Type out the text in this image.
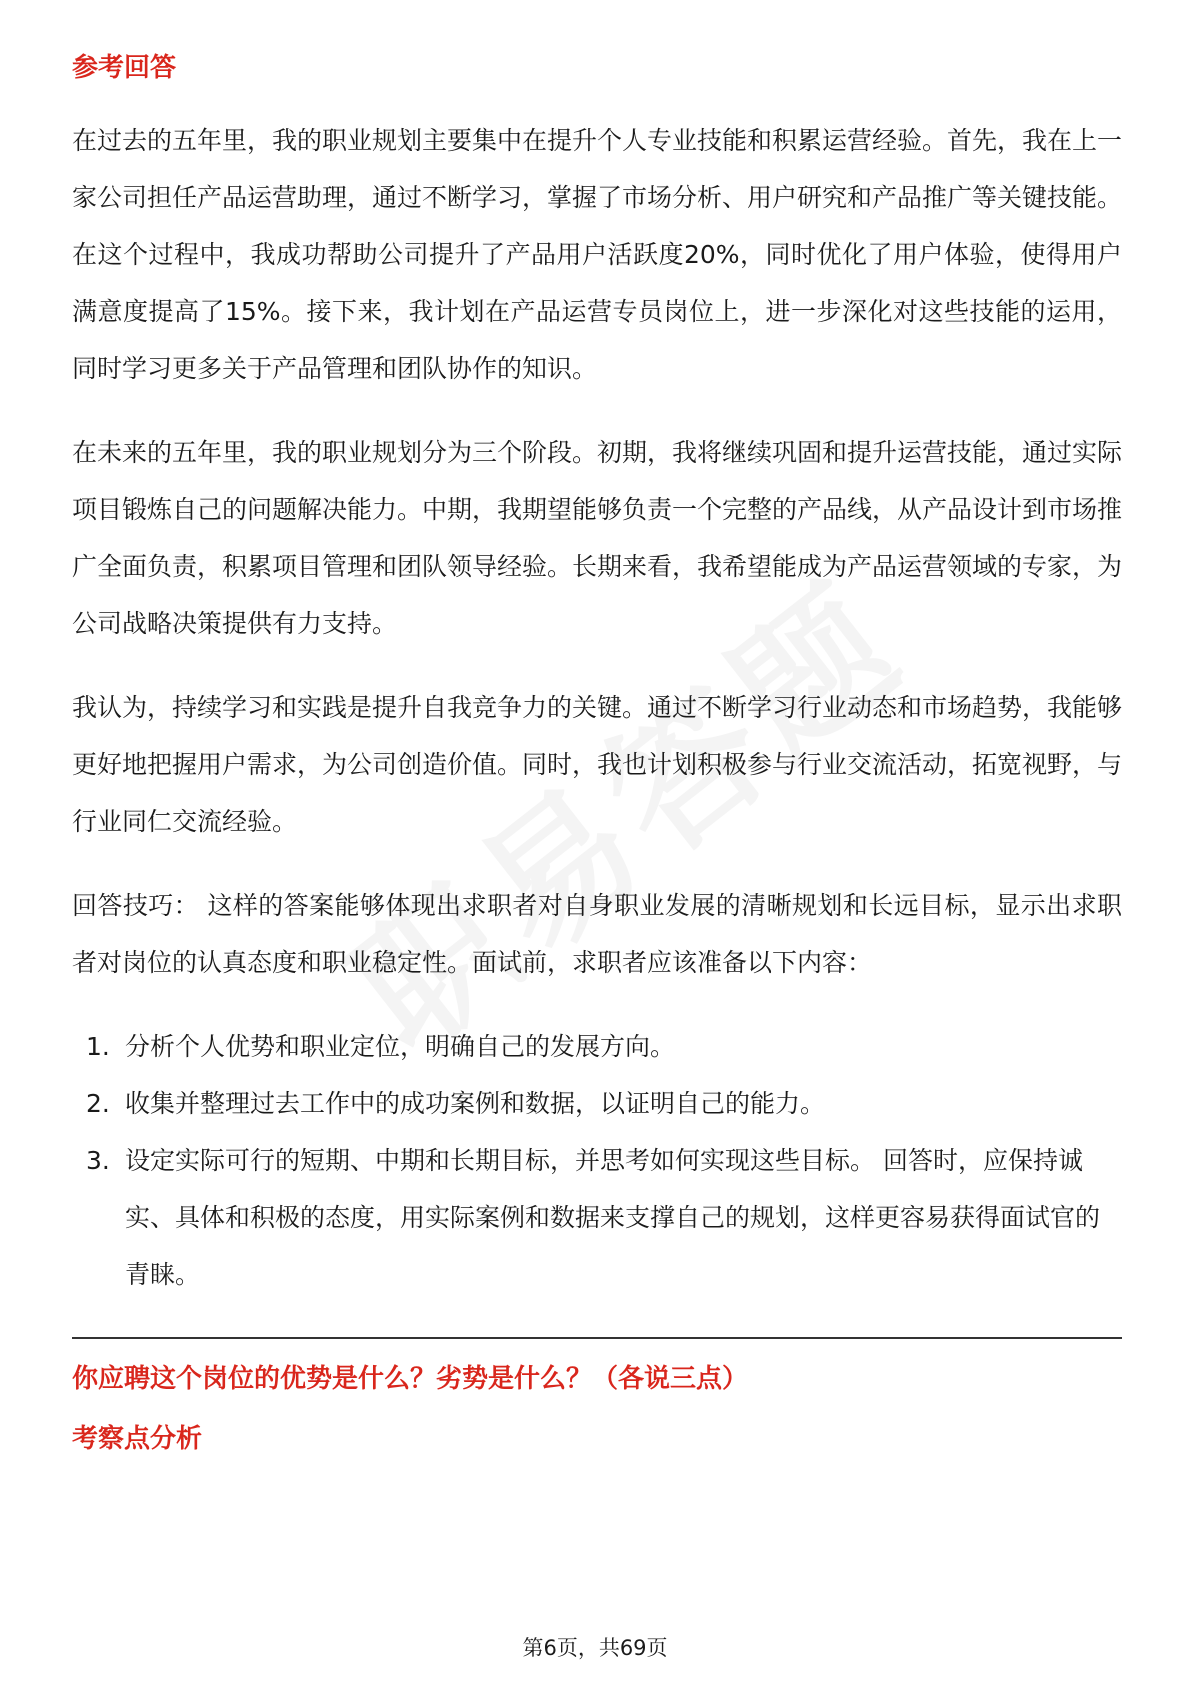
参考回答

在过去的五年里，我的职业规划主要集中在提升个人专业技能和积累运营经验。首先，我在上一家公司担任产品运营助理，通过不断学习，掌握了市场分析、用户研究和产品推广等关键技能。在这个过程中，我成功帮助公司提升了产品用户活跃度20%，同时优化了用户体验，使得用户满意度提高了15%。接下来，我计划在产品运营专员岗位上，进一步深化对这些技能的运用，同时学习更多关于产品管理和团队协作的知识。

在未来的五年里，我的职业规划分为三个阶段。初期，我将继续巩固和提升运营技能，通过实际项目锻炼自己的问题解决能力。中期，我期望能够负责一个完整的产品线，从产品设计到市场推广全面负责，积累项目管理和团队领导经验。长期来看，我希望能成为产品运营领域的专家，为公司战略决策提供有力支持。

我认为，持续学习和实践是提升自我竞争力的关键。通过不断学习行业动态和市场趋势，我能够更好地把握用户需求，为公司创造价值。同时，我也计划积极参与行业交流活动，拓宽视野，与行业同仁交流经验。

回答技巧： 这样的答案能够体现出求职者对自身职业发展的清晰规划和长远目标，显示出求职者对岗位的认真态度和职业稳定性。面试前，求职者应该准备以下内容：

1. 分析个人优势和职业定位，明确自己的发展方向。
2. 收集并整理过去工作中的成功案例和数据，以证明自己的能力。
3. 设定实际可行的短期、中期和长期目标，并思考如何实现这些目标。 回答时，应保持诚实、具体和积极的态度，用实际案例和数据来支撑自己的规划，这样更容易获得面试官的青睐。
你应聘这个岗位的优势是什么？劣势是什么？（各说三点）
考察点分析
第6页，共69页
